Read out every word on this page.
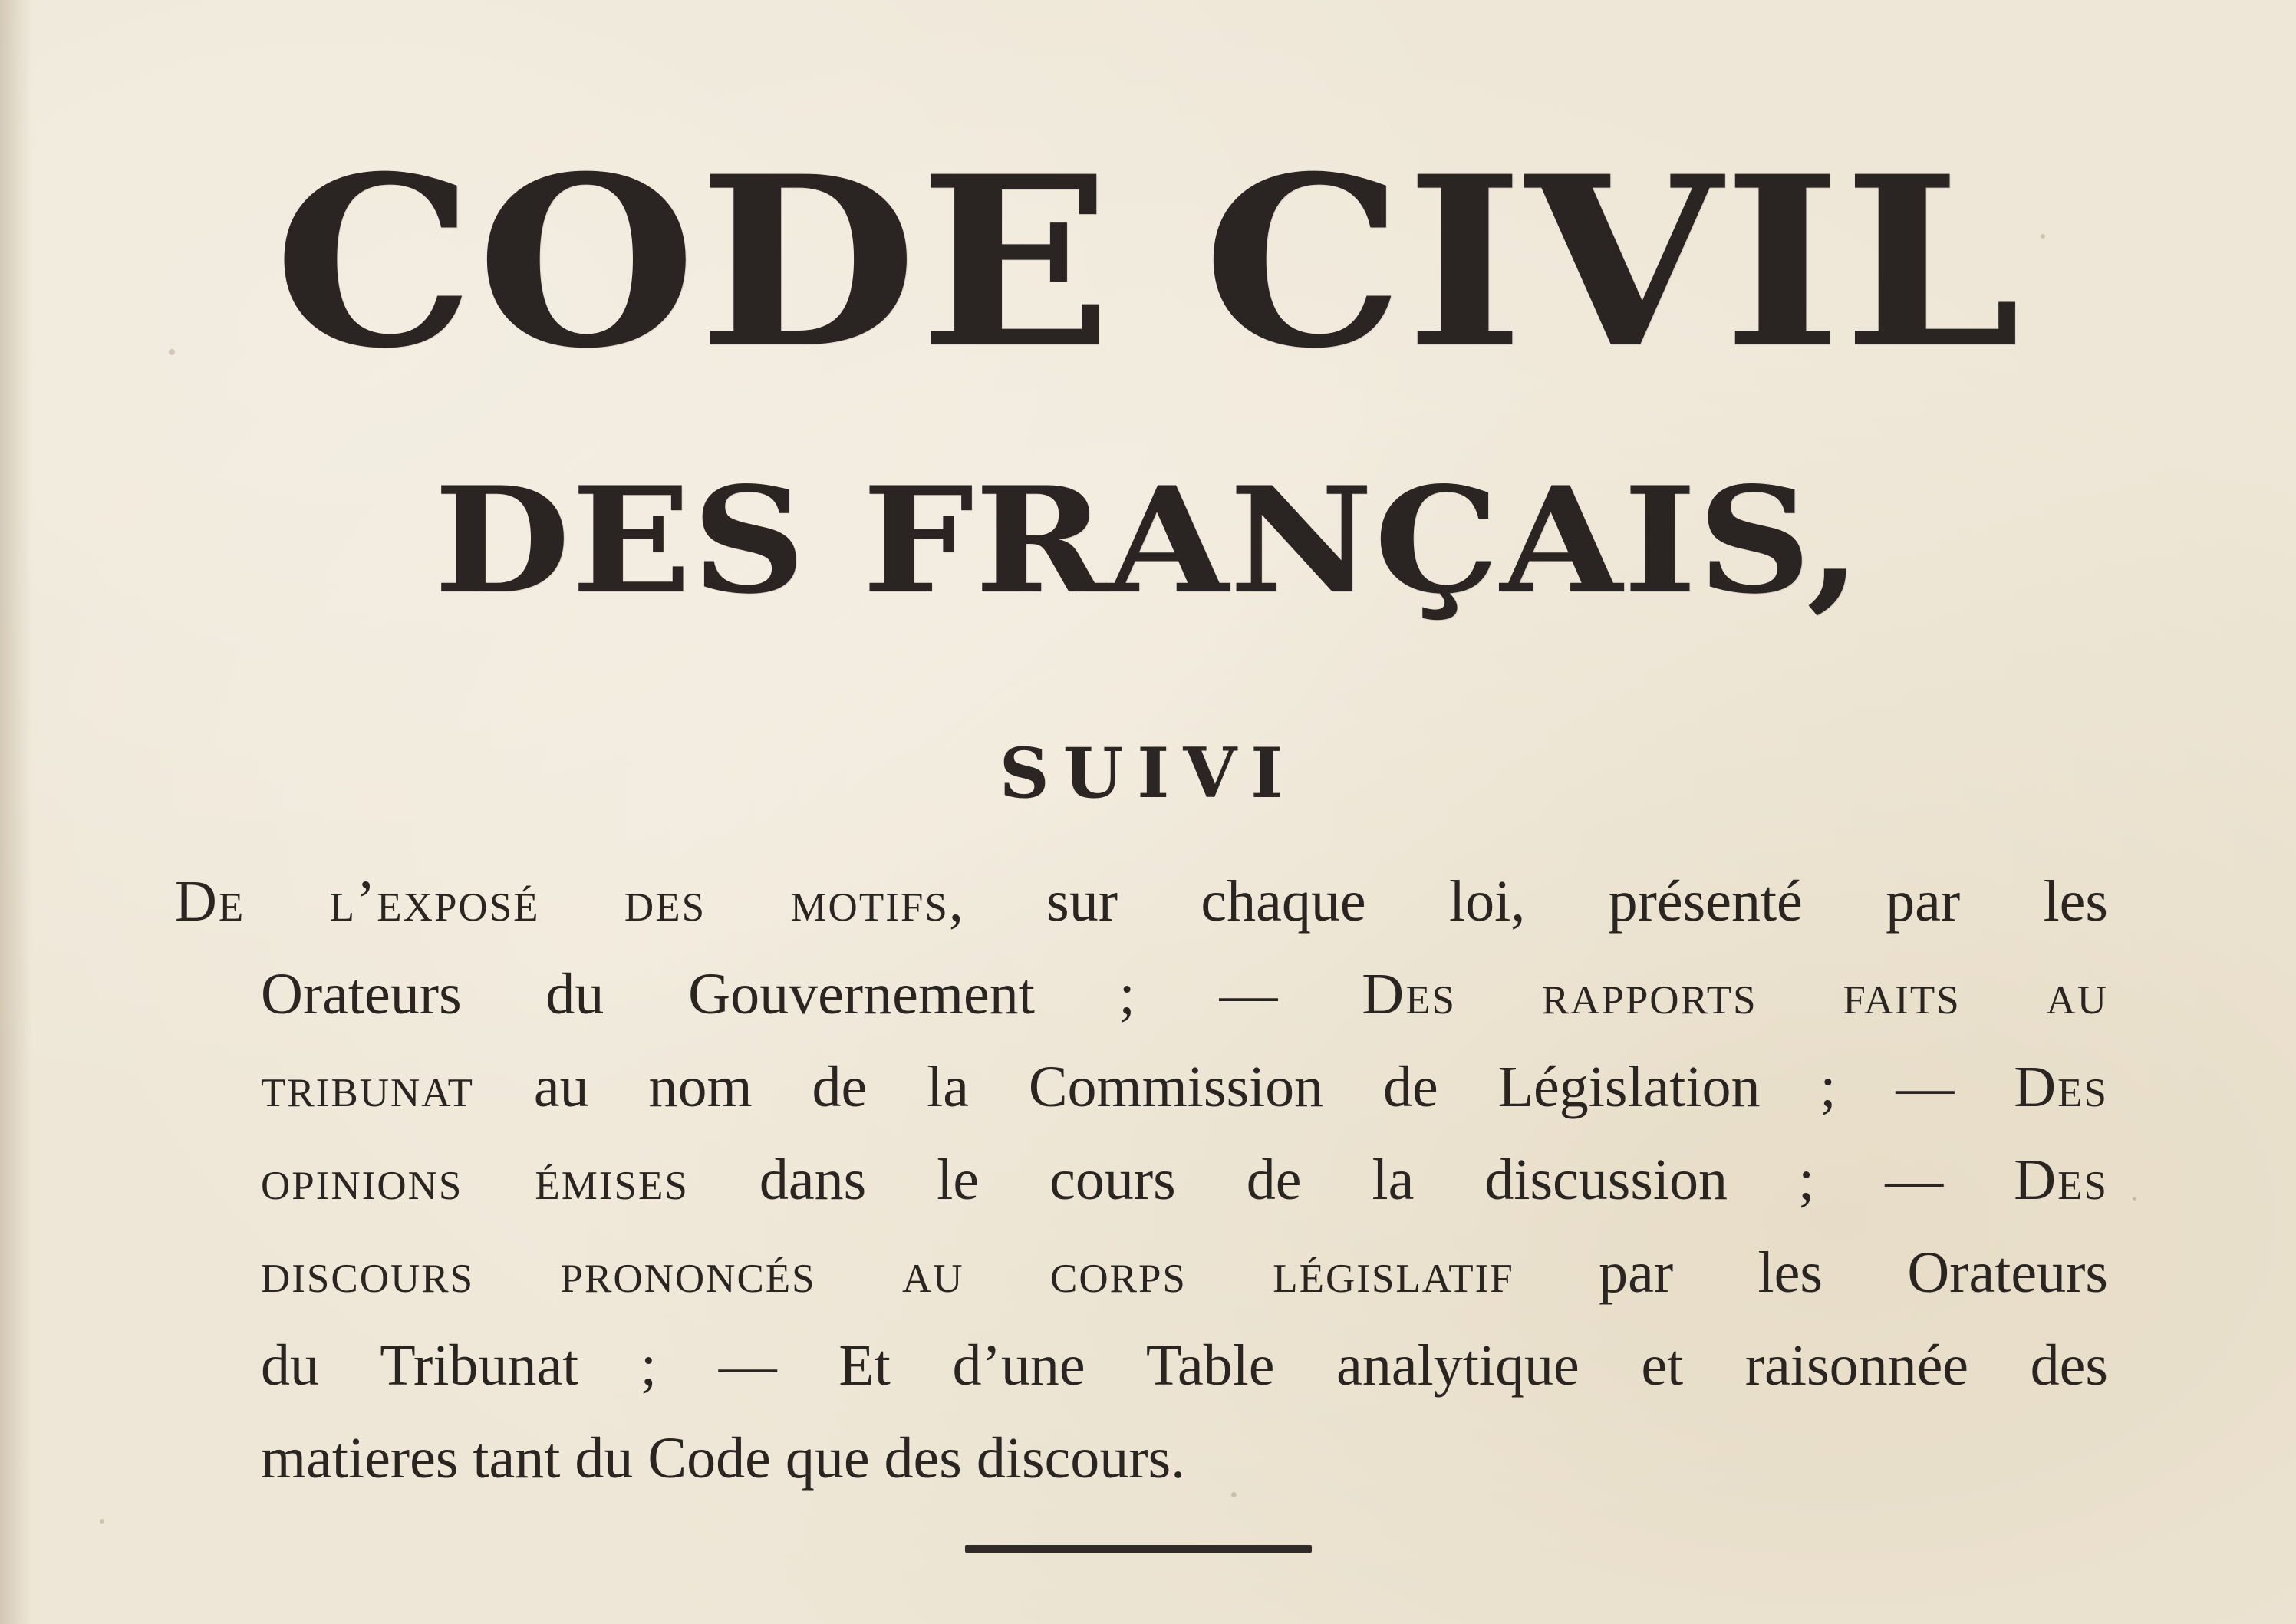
CODE CIVIL
DES FRANÇAIS,
SUIVI
De l’exposé des motifs, sur chaque loi, présenté par les
Orateurs du Gouvernement ; — Des rapports faits au
tribunat au nom de la Commission de Législation ; — Des
opinions émises dans le cours de la discussion ; — Des
discours prononcés au corps législatif par les Orateurs
du Tribunat ; — Et d’une Table analytique et raisonnée des
matieres tant du Code que des discours.
